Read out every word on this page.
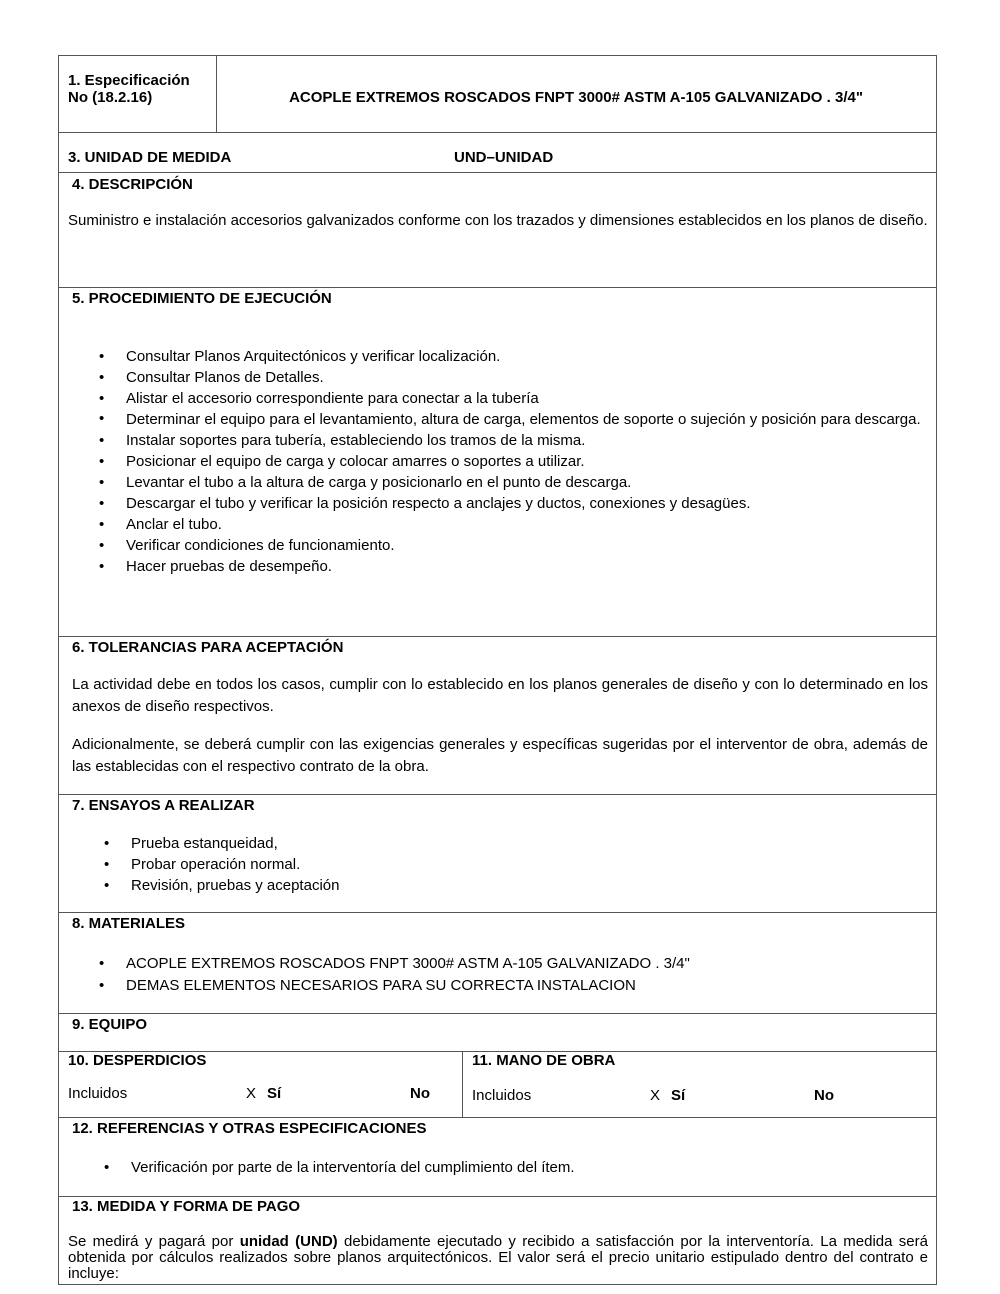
1. Especificación No (18.2.16)	ACOPLE EXTREMOS ROSCADOS FNPT 3000# ASTM A-105 GALVANIZADO . 3/4"
3. UNIDAD DE MEDIDA	UND–UNIDAD
4. DESCRIPCIÓN
Suministro e instalación accesorios galvanizados conforme con los trazados y dimensiones establecidos en los planos de diseño.
5. PROCEDIMIENTO DE EJECUCIÓN
• Consultar Planos Arquitectónicos y verificar localización.
• Consultar Planos de Detalles.
• Alistar el accesorio correspondiente para conectar a la tubería
• Determinar el equipo para el levantamiento, altura de carga, elementos de soporte o sujeción y posición para descarga.
• Instalar soportes para tubería, estableciendo los tramos de la misma.
• Posicionar el equipo de carga y colocar amarres o soportes a utilizar.
• Levantar el tubo a la altura de carga y posicionarlo en el punto de descarga.
• Descargar el tubo y verificar la posición respecto a anclajes y ductos, conexiones y desagües.
• Anclar el tubo.
• Verificar condiciones de funcionamiento.
• Hacer pruebas de desempeño.
6. TOLERANCIAS PARA ACEPTACIÓN
La actividad debe en todos los casos, cumplir con lo establecido en los planos generales de diseño y con lo determinado en los anexos de diseño respectivos.
Adicionalmente, se deberá cumplir con las exigencias generales y específicas sugeridas por el interventor de obra, además de las establecidas con el respectivo contrato de la obra.
7. ENSAYOS A REALIZAR
• Prueba estanqueidad,
• Probar operación normal.
• Revisión, pruebas y aceptación
8. MATERIALES
• ACOPLE EXTREMOS ROSCADOS FNPT 3000# ASTM A-105 GALVANIZADO . 3/4"
• DEMAS ELEMENTOS NECESARIOS PARA SU CORRECTA INSTALACION
9. EQUIPO
10. DESPERDICIOS
Incluidos	X Sí	No
11. MANO DE OBRA
Incluidos	X Sí	No
12. REFERENCIAS Y OTRAS ESPECIFICACIONES
• Verificación por parte de la interventoría del cumplimiento del ítem.
13. MEDIDA Y FORMA DE PAGO
Se medirá y pagará por unidad (UND) debidamente ejecutado y recibido a satisfacción por la interventoría. La medida será obtenida por cálculos realizados sobre planos arquitectónicos. El valor será el precio unitario estipulado dentro del contrato e incluye:
